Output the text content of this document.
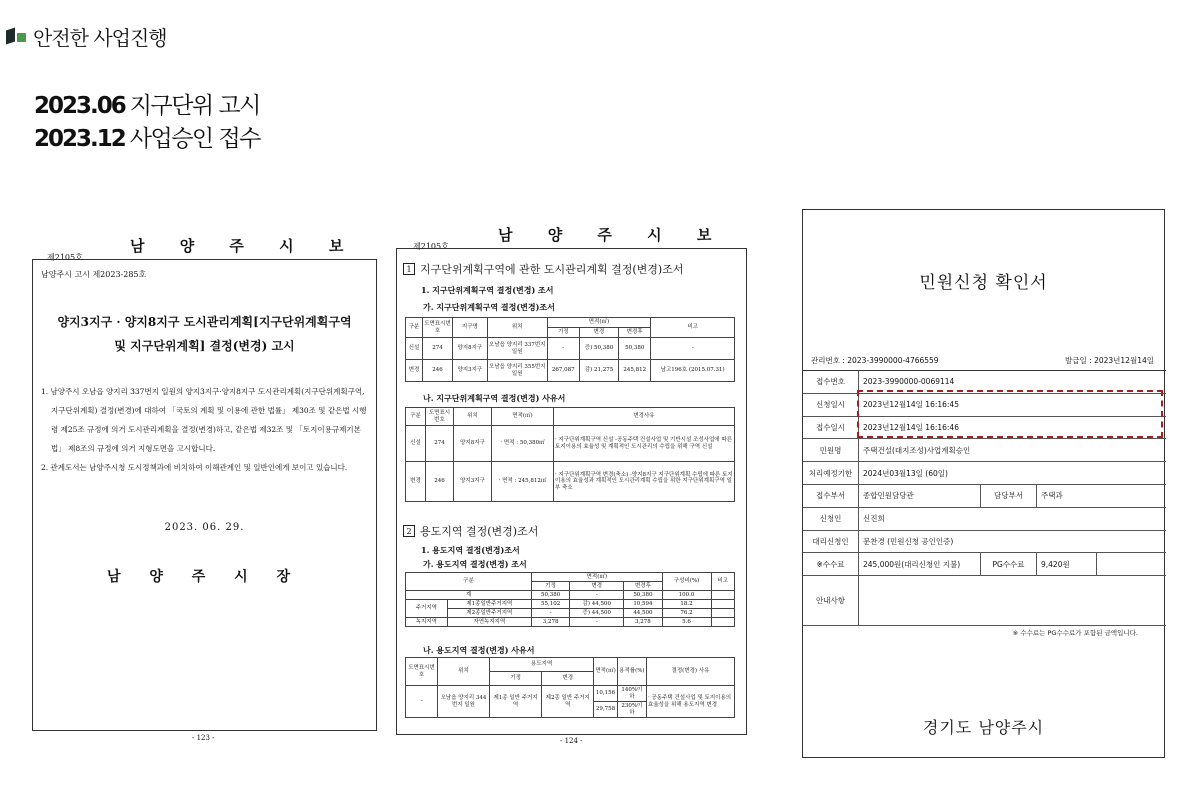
안전한 사업진행
2023.06 지구단위 고시
2023.12 사업승인 접수
남 양 주 시 보
제2105호
남양주시 고시 제2023-285호
양지3지구 · 양지8지구 도시관리계획[지구단위계획구역
및 지구단위계획] 결정(변경) 고시

1. 남양주시 오남읍 양지리 337번지 일원의 양지3지구·양지8지구 도시관리계획(지구단위계획구역, 지구단위계획) 결정(변경)에 대하여 「국토의 계획 및 이용에 관한 법률」 제30조 및 같은법 시행령 제25조 규정에 의거 도시관리계획을 결정(변경)하고, 같은법 제32조 및 「토지이용규제기본법」 제8조의 규정에 의거 지형도면을 고시합니다.

2. 관계도서는 남양주시청 도시정책과에 비치하여 이해관계인 및 일반인에게 보이고 있습니다.

2023. 06. 29.
남 양 주 시 장
- 123 -
남 양 주 시 보
제2105호
1 지구단위계획구역에 관한 도시관리계획 결정(변경)조서
1. 지구단위계획구역 결정(변경) 조서
가. 지구단위계획구역 결정(변경)조서
구분	도면표시번호	지구명	위치	면적(㎡)			비고
				기정	변경	변경후	
신설	274	양지8지구	오남읍 양지리 337번지 일원	-	증) 50,380	50,380	-
변경	246	양지3지구	오남읍 양지리 355번지 일원	267,087	감) 21,275	245,812	남고196호 (2015.07.31)
나. 지구단위계획구역 결정(변경) 사유서
구분	도면표시번호	위치	면적(㎡)	변경사유
신설	274	양지8지구	· 면적 : 50,380㎡	· 지구단위계획구역 신설 -공동주택 건설사업 및 기반시설 조성사업에 따른 토지이용의 효율성 및 계획적인 도시관리의 수립을 위해 구역 신설
변경	246	양지3지구	· 면적 : 245,812㎡	· 지구단위계획구역 변경(축소) -양지8지구 지구단위계획 수립에 따른 토지이용의 효율성과 계획적인 도시관리계획 수립을 위한 지구단위계획구역 일부 축소
2 용도지역 결정(변경)조서
1. 용도지역 결정(변경)조서
가. 용도지역 결정(변경) 조서
구분		면적(㎡)			구성비(%)	비고
		기정	변경	변경후		
계		50,380	-	50,380	100.0	
주거지역	제1종일반주거지역	55,102	감) 44,500	10,594	18.2	
	제2종일반주거지역	-	증) 44,500	44,500	76.2	
녹지지역	자연녹지지역	3,278	-	3,278	5.6	
나. 용도지역 결정(변경) 사유서
도면표시번호	위치	용도지역		면적(㎡)	용적률(%)	결정(변경) 사유
		기정	변경			
-	오남읍 양지리 344번지 일원	제1종 일반 주거지역	제2종 일반 주거지역	10,156	140%이하	· 공동주택 건설사업 및 토지이용의 효율성을 위해 용도지역 변경
				29,758	230%이하	
- 124 -
민원신청 확인서
관리번호 : 2023-3990000-4766559	발급일 : 2023년12월14일
접수번호	2023-3990000-0069114
신청일시	2023년12월14일 16:16:45
접수일시	2023년12월14일 16:16:46
민원명	주택건설(대지조성)사업계획승인
처리예정기한	2024년03월13일 (60일)
접수부서	종합민원담당관	담당부서	주택과
신청인	신진희
대리신청인	문찬경 (민원신청 공인인증)
※수수료	245,000원(대리신청인 지불)	PG수수료	9,420원
안내사항
※ 수수료는 PG수수료가 포함된 금액입니다.
경기도 남양주시
